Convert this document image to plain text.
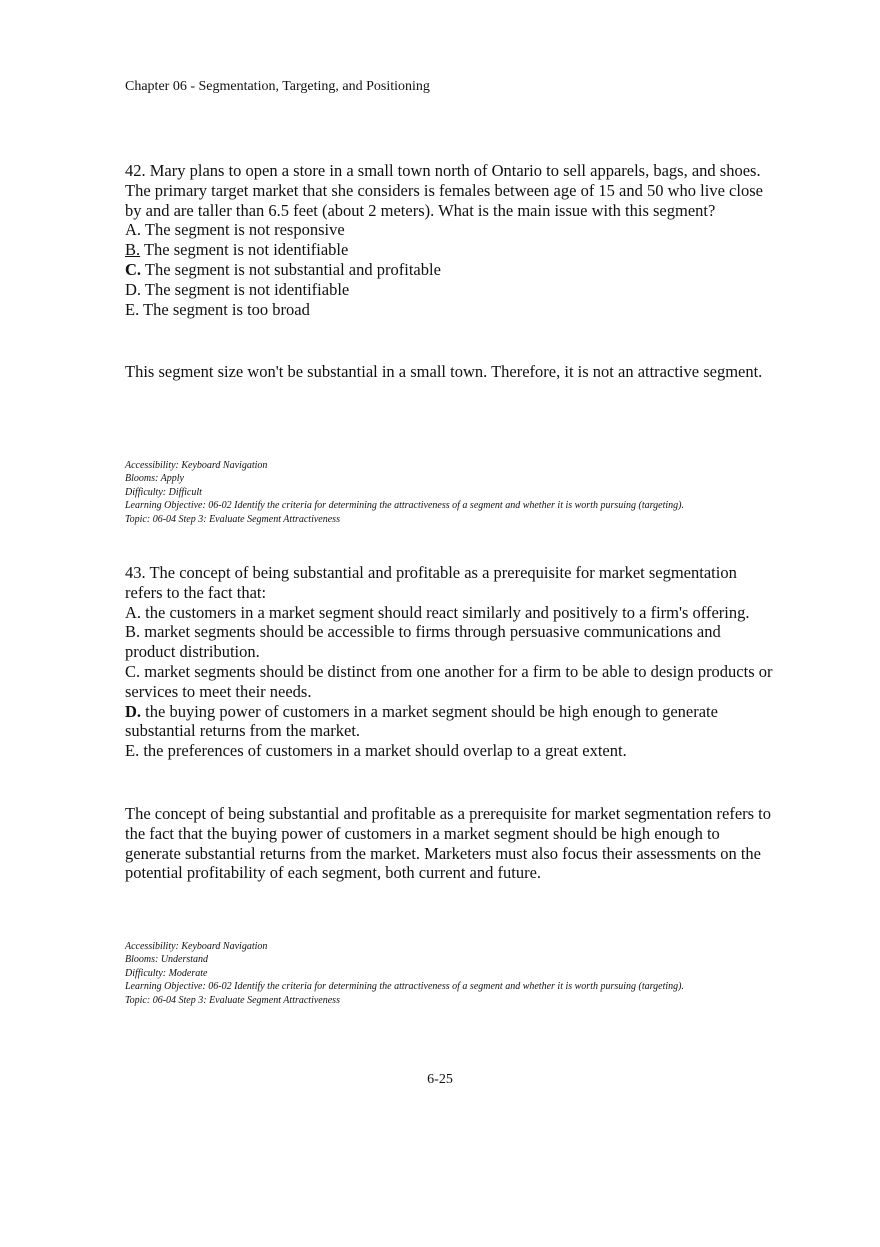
Chapter 06 - Segmentation, Targeting, and Positioning

42. Mary plans to open a store in a small town north of Ontario to sell apparels, bags, and shoes. The primary target market that she considers is females between age of 15 and 50 who live close by and are taller than 6.5 feet (about 2 meters). What is the main issue with this segment?

A. The segment is not responsive

B. The segment is not identifiable

C. The segment is not substantial and profitable

D. The segment is not identifiable

E. The segment is too broad

This segment size won't be substantial in a small town. Therefore, it is not an attractive segment.
Accessibility: Keyboard Navigation
Blooms: Apply
Difficulty: Difficult
Learning Objective: 06-02 Identify the criteria for determining the attractiveness of a segment and whether it is worth pursuing (targeting).
Topic: 06-04 Step 3: Evaluate Segment Attractiveness

43. The concept of being substantial and profitable as a prerequisite for market segmentation refers to the fact that:

A. the customers in a market segment should react similarly and positively to a firm's offering.

B. market segments should be accessible to firms through persuasive communications and product distribution.

C. market segments should be distinct from one another for a firm to be able to design products or services to meet their needs.

D. the buying power of customers in a market segment should be high enough to generate substantial returns from the market.

E. the preferences of customers in a market should overlap to a great extent.

The concept of being substantial and profitable as a prerequisite for market segmentation refers to the fact that the buying power of customers in a market segment should be high enough to generate substantial returns from the market. Marketers must also focus their assessments on the potential profitability of each segment, both current and future.
Accessibility: Keyboard Navigation
Blooms: Understand
Difficulty: Moderate
Learning Objective: 06-02 Identify the criteria for determining the attractiveness of a segment and whether it is worth pursuing (targeting).
Topic: 06-04 Step 3: Evaluate Segment Attractiveness
6-25
